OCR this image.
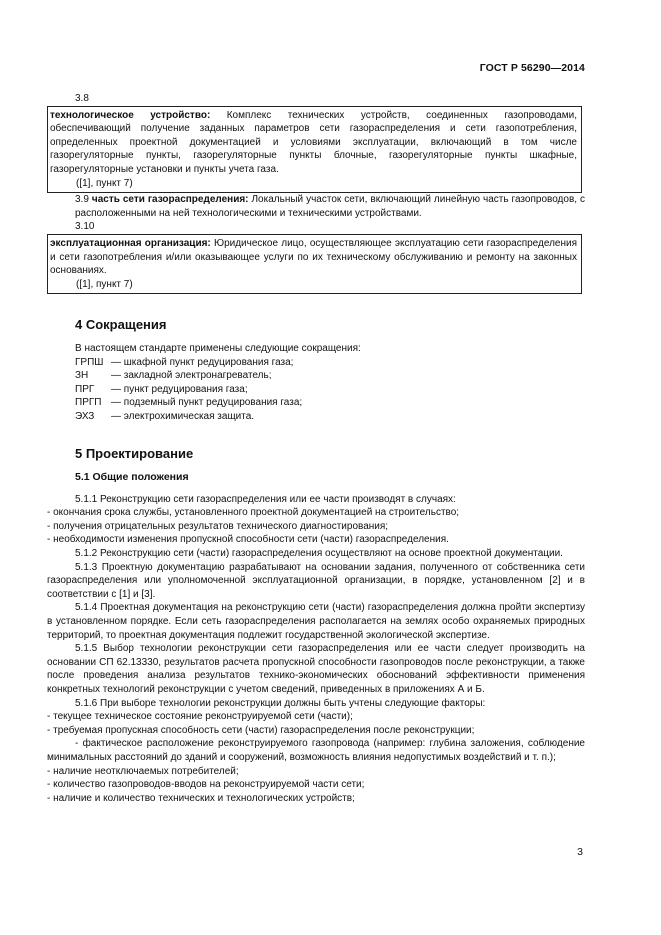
ГОСТ Р 56290—2014

3.8

технологическое устройство: Комплекс технических устройств, соединенных газопроводами, обеспечивающий получение заданных параметров сети газораспределения и сети газопотребления, определенных проектной документацией и условиями эксплуатации, включающий в том числе газорегуляторные пункты, газорегуляторные пункты блочные, газорегуляторные пункты шкафные, газорегуляторные установки и пункты учета газа.

([1], пункт 7)

3.9 часть сети газораспределения: Локальный участок сети, включающий линейную часть газопроводов, с расположенными на ней технологическими и техническими устройствами.

3.10

эксплуатационная организация: Юридическое лицо, осуществляющее эксплуатацию сети газораспределения и сети газопотребления и/или оказывающее услуги по их техническому обслуживанию и ремонту на законных основаниях.

([1], пункт 7)

4 Сокращения

В настоящем стандарте применены следующие сокращения:

ГРПШ — шкафной пункт редуцирования газа;
ЗН	— закладной электронагреватель;
ПРГ	— пункт редуцирования газа;
ПРГП — подземный пункт редуцирования газа;
ЭХЗ	— электрохимическая защита.
5 Проектирование
5.1 Общие положения

5.1.1 Реконструкцию сети газораспределения или ее части производят в случаях:

- окончания срока службы, установленного проектной документацией на строительство;

- получения отрицательных результатов технического диагностирования;

- необходимости изменения пропускной способности сети (части) газораспределения.

5.1.2 Реконструкцию сети (части) газораспределения осуществляют на основе проектной документации.

5.1.3 Проектную документацию разрабатывают на основании задания, полученного от собственника сети газораспределения или уполномоченной эксплуатационной организации, в порядке, установленном [2] и в соответствии с [1] и [3].

5.1.4 Проектная документация на реконструкцию сети (части) газораспределения должна пройти экспертизу в установленном порядке. Если сеть газораспределения располагается на землях особо охраняемых природных территорий, то проектная документация подлежит государственной экологической экспертизе.

5.1.5 Выбор технологии реконструкции сети газораспределения или ее части следует производить на основании СП 62.13330, результатов расчета пропускной способности газопроводов после реконструкции, а также после проведения анализа результатов технико-экономических обоснований эффективности применения конкретных технологий реконструкции с учетом сведений, приведенных в приложениях А и Б.

5.1.6 При выборе технологии реконструкции должны быть учтены следующие факторы:

- текущее техническое состояние реконструируемой сети (части);

- требуемая пропускная способность сети (части) газораспределения после реконструкции;

- фактическое расположение реконструируемого газопровода (например: глубина заложения, соблюдение минимальных расстояний до зданий и сооружений, возможность влияния недопустимых воздействий и т. п.);

- наличие неотключаемых потребителей;

- количество газопроводов-вводов на реконструируемой части сети;

- наличие и количество технических и технологических устройств;

3
